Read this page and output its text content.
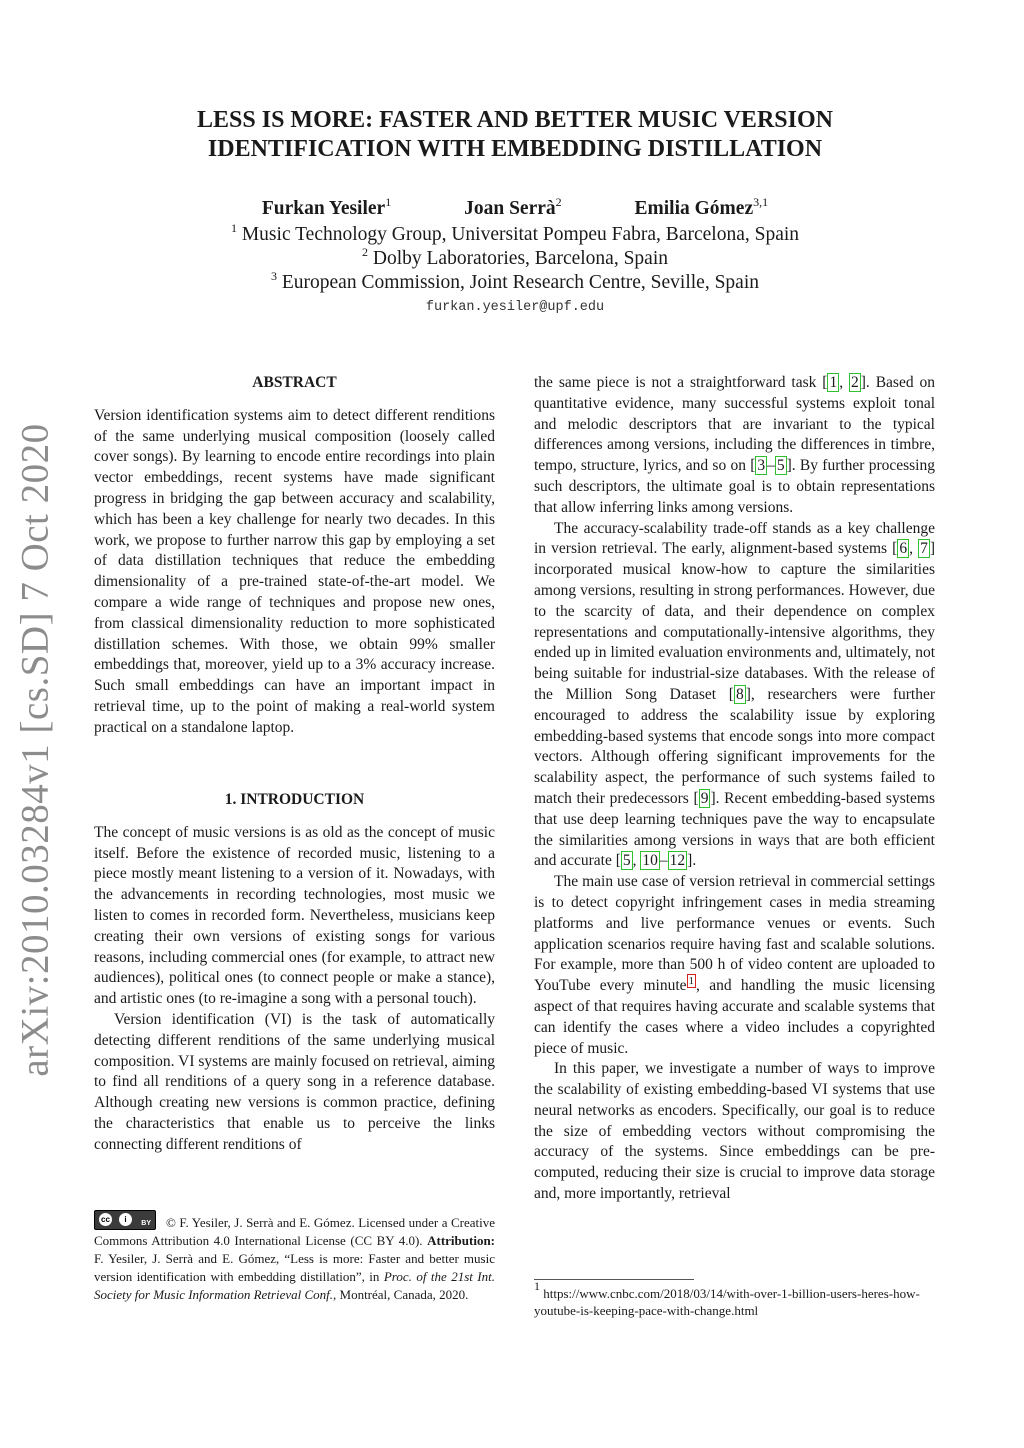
arXiv:2010.03284v1 [cs.SD] 7 Oct 2020
LESS IS MORE: FASTER AND BETTER MUSIC VERSION
IDENTIFICATION WITH EMBEDDING DISTILLATION
Furkan Yesiler$^1$	Joan Serrà$^2$	Emilia Gómez$^{3,1}$
$^1$ Music Technology Group, Universitat Pompeu Fabra, Barcelona, Spain
$^2$ Dolby Laboratories, Barcelona, Spain
$^3$ European Commission, Joint Research Centre, Seville, Spain
furkan.yesiler@upf.edu

ABSTRACT

Version identification systems aim to detect different renditions of the same underlying musical composition (loosely called cover songs). By learning to encode entire recordings into plain vector embeddings, recent systems have made significant progress in bridging the gap between accuracy and scalability, which has been a key challenge for nearly two decades. In this work, we propose to further narrow this gap by employing a set of data distillation techniques that reduce the embedding dimensionality of a pre-trained state-of-the-art model. We compare a wide range of techniques and propose new ones, from classical dimensionality reduction to more sophisticated distillation schemes. With those, we obtain 99% smaller embeddings that, moreover, yield up to a 3% accuracy increase. Such small embeddings can have an important impact in retrieval time, up to the point of making a real-world system practical on a standalone laptop.

1. INTRODUCTION

The concept of music versions is as old as the concept of music itself. Before the existence of recorded music, listening to a piece mostly meant listening to a version of it. Nowadays, with the advancements in recording technologies, most music we listen to comes in recorded form. Nevertheless, musicians keep creating their own versions of existing songs for various reasons, including commercial ones (for example, to attract new audiences), political ones (to connect people or make a stance), and artistic ones (to re-imagine a song with a personal touch).

Version identification (VI) is the task of automatically detecting different renditions of the same underlying musical composition. VI systems are mainly focused on retrieval, aiming to find all renditions of a query song in a reference database. Although creating new versions is common practice, defining the characteristics that enable us to perceive the links connecting different renditions of

cc	i	BY © F. Yesiler, J. Serrà and E. Gómez. Licensed under a Creative Commons Attribution 4.0 International License (CC BY 4.0). Attribution: F. Yesiler, J. Serrà and E. Gómez, “Less is more: Faster and better music version identification with embedding distillation”, in Proc. of the 21st Int. Society for Music Information Retrieval Conf., Montréal, Canada, 2020.

the same piece is not a straightforward task [ 1 , 2 ]. Based on quantitative evidence, many successful systems exploit tonal and melodic descriptors that are invariant to the typical differences among versions, including the differences in timbre, tempo, structure, lyrics, and so on [ 3 – 5 ]. By further processing such descriptors, the ultimate goal is to obtain representations that allow inferring links among versions.

The accuracy-scalability trade-off stands as a key challenge in version retrieval. The early, alignment-based systems [ 6 , 7 ] incorporated musical know-how to capture the similarities among versions, resulting in strong performances. However, due to the scarcity of data, and their dependence on complex representations and computationally-intensive algorithms, they ended up in limited evaluation environments and, ultimately, not being suitable for industrial-size databases. With the release of the Million Song Dataset [ 8 ], researchers were further encouraged to address the scalability issue by exploring embedding-based systems that encode songs into more compact vectors. Although offering significant improvements for the scalability aspect, the performance of such systems failed to match their predecessors [ 9 ]. Recent embedding-based systems that use deep learning techniques pave the way to encapsulate the similarities among versions in ways that are both efficient and accurate [ 5 , 10 – 12 ].

The main use case of version retrieval in commercial settings is to detect copyright infringement cases in media streaming platforms and live performance venues or events. Such application scenarios require having fast and scalable solutions. For example, more than 500 h of video content are uploaded to YouTube every minute $^1$ , and handling the music licensing aspect of that requires having accurate and scalable systems that can identify the cases where a video includes a copyrighted piece of music.

In this paper, we investigate a number of ways to improve the scalability of existing embedding-based VI systems that use neural networks as encoders. Specifically, our goal is to reduce the size of embedding vectors without compromising the accuracy of the systems. Since embeddings can be pre-computed, reducing their size is crucial to improve data storage and, more importantly, retrieval

$^1$ https://www.cnbc.com/2018/03/14/with-over-1-billion-users-heres-how-youtube-is-keeping-pace-with-change.html
